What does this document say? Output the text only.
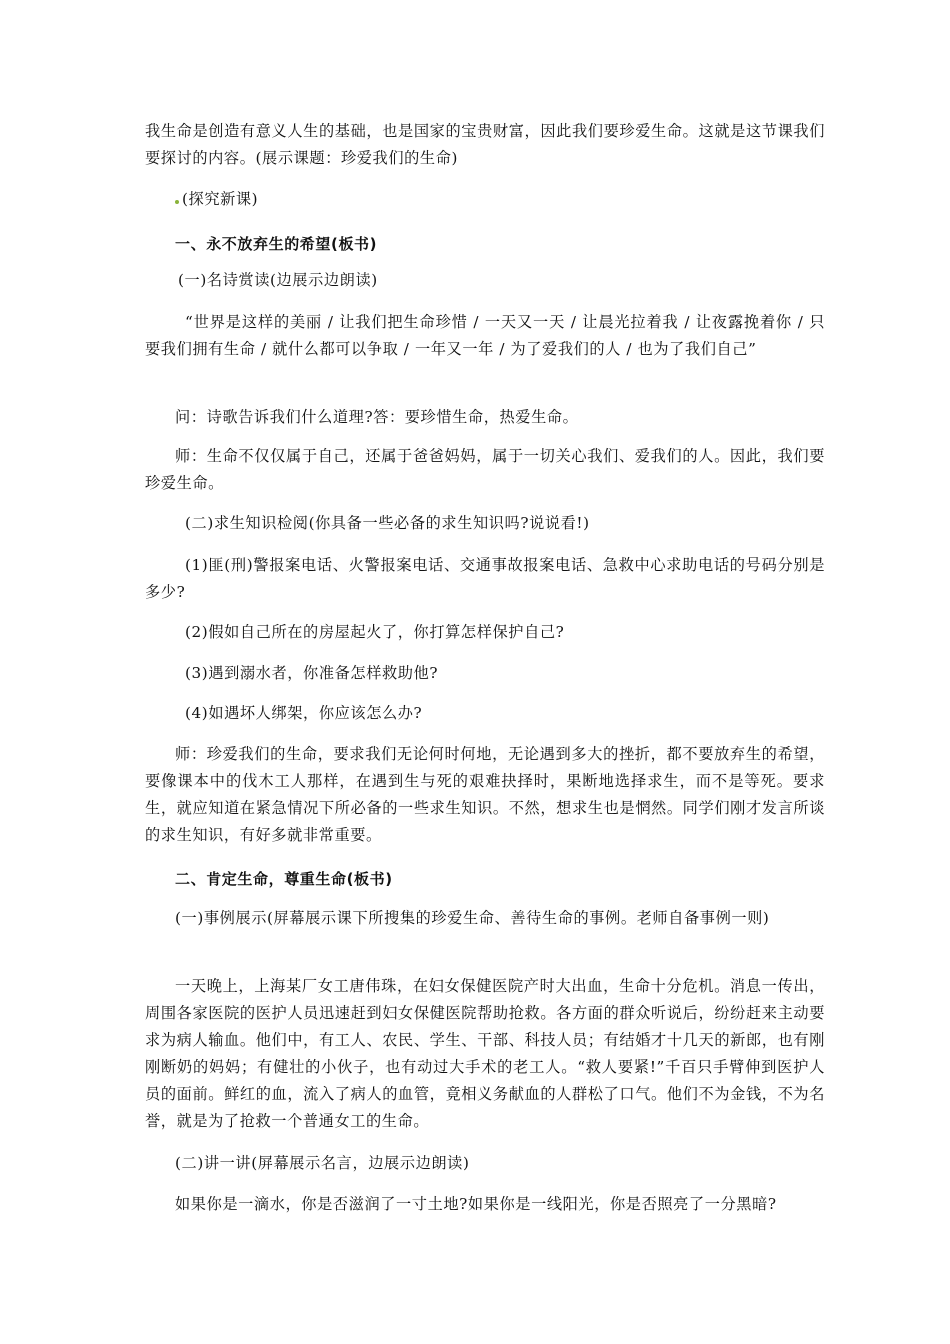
我生命是创造有意义人生的基础，也是国家的宝贵财富，因此我们要珍爱生命。这就是这节课我们要探讨的内容。(展示课题：珍爱我们的生命)

(探究新课)

一、永不放弃生的希望(板书)

(一)名诗赏读(边展示边朗读)

“世界是这样的美丽 / 让我们把生命珍惜 / 一天又一天 / 让晨光拉着我 / 让夜露挽着你 / 只要我们拥有生命 / 就什么都可以争取 / 一年又一年 / 为了爱我们的人 / 也为了我们自己”

问：诗歌告诉我们什么道理?答：要珍惜生命，热爱生命。

师：生命不仅仅属于自己，还属于爸爸妈妈，属于一切关心我们、爱我们的人。因此，我们要珍爱生命。

(二)求生知识检阅(你具备一些必备的求生知识吗?说说看!)

(1)匪(刑)警报案电话、火警报案电话、交通事故报案电话、急救中心求助电话的号码分别是多少?

(2)假如自己所在的房屋起火了，你打算怎样保护自己?

(3)遇到溺水者，你准备怎样救助他?

(4)如遇坏人绑架，你应该怎么办?

师：珍爱我们的生命，要求我们无论何时何地，无论遇到多大的挫折，都不要放弃生的希望，要像课本中的伐木工人那样，在遇到生与死的艰难抉择时，果断地选择求生，而不是等死。要求生，就应知道在紧急情况下所必备的一些求生知识。不然，想求生也是惘然。同学们刚才发言所谈的求生知识，有好多就非常重要。

二、肯定生命，尊重生命(板书)

(一)事例展示(屏幕展示课下所搜集的珍爱生命、善待生命的事例。老师自备事例一则)

一天晚上，上海某厂女工唐伟珠，在妇女保健医院产时大出血，生命十分危机。消息一传出，周围各家医院的医护人员迅速赶到妇女保健医院帮助抢救。各方面的群众听说后，纷纷赶来主动要求为病人输血。他们中，有工人、农民、学生、干部、科技人员；有结婚才十几天的新郎，也有刚刚断奶的妈妈；有健壮的小伙子，也有动过大手术的老工人。“救人要紧!”千百只手臂伸到医护人员的面前。鲜红的血，流入了病人的血管，竟相义务献血的人群松了口气。他们不为金钱，不为名誉，就是为了抢救一个普通女工的生命。

(二)讲一讲(屏幕展示名言，边展示边朗读)

如果你是一滴水，你是否滋润了一寸土地?如果你是一线阳光，你是否照亮了一分黑暗?
